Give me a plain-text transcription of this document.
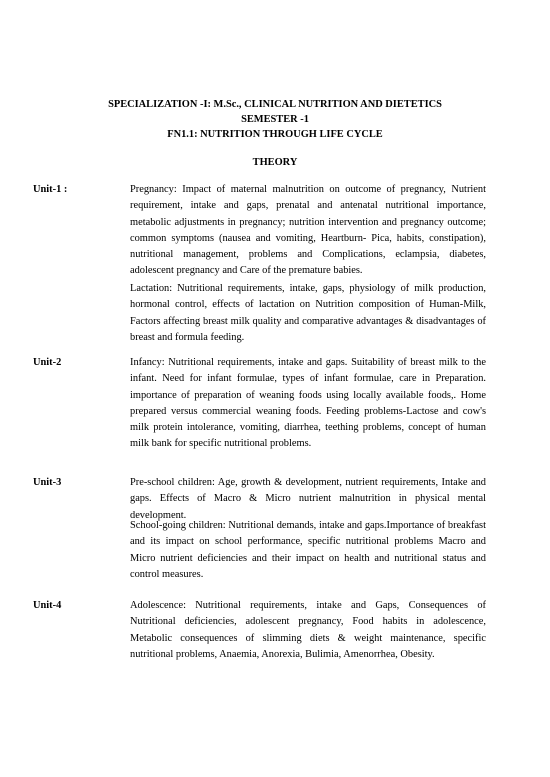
SPECIALIZATION -I: M.Sc., CLINICAL NUTRITION AND DIETETICS
SEMESTER -1
FN1.1: NUTRITION THROUGH LIFE CYCLE
THEORY
Unit-1 :	Pregnancy: Impact of maternal malnutrition on outcome of pregnancy, Nutrient requirement, intake and gaps, prenatal and antenatal nutritional importance, metabolic adjustments in pregnancy; nutrition intervention and pregnancy outcome; common symptoms (nausea and vomiting, Heartburn- Pica, habits, constipation), nutritional management, problems and Complications, eclampsia, diabetes, adolescent pregnancy and Care of the premature babies.

Lactation: Nutritional requirements, intake, gaps, physiology of milk production, hormonal control, effects of lactation on Nutrition composition of Human-Milk, Factors affecting breast milk quality and comparative advantages & disadvantages of breast and formula feeding.

Unit-2	Infancy: Nutritional requirements, intake and gaps. Suitability of breast milk to the infant. Need for infant formulae, types of infant formulae, care in Preparation. importance of preparation of weaning foods using locally available foods,. Home prepared versus commercial weaning foods. Feeding problems-Lactose and cow's milk protein intolerance, vomiting, diarrhea, teething problems, concept of human milk bank for specific nutritional problems.

Unit-3	Pre-school children: Age, growth & development, nutrient requirements, Intake and gaps. Effects of Macro & Micro nutrient malnutrition in physical mental development.

School-going children: Nutritional demands, intake and gaps.Importance of breakfast and its impact on school performance, specific nutritional problems Macro and Micro nutrient deficiencies and their impact on health and nutritional status and control measures.

Unit-4	Adolescence: Nutritional requirements, intake and Gaps, Consequences of Nutritional deficiencies, adolescent pregnancy, Food habits in adolescence, Metabolic consequences of slimming diets & weight maintenance, specific nutritional problems, Anaemia, Anorexia, Bulimia, Amenorrhea, Obesity.
